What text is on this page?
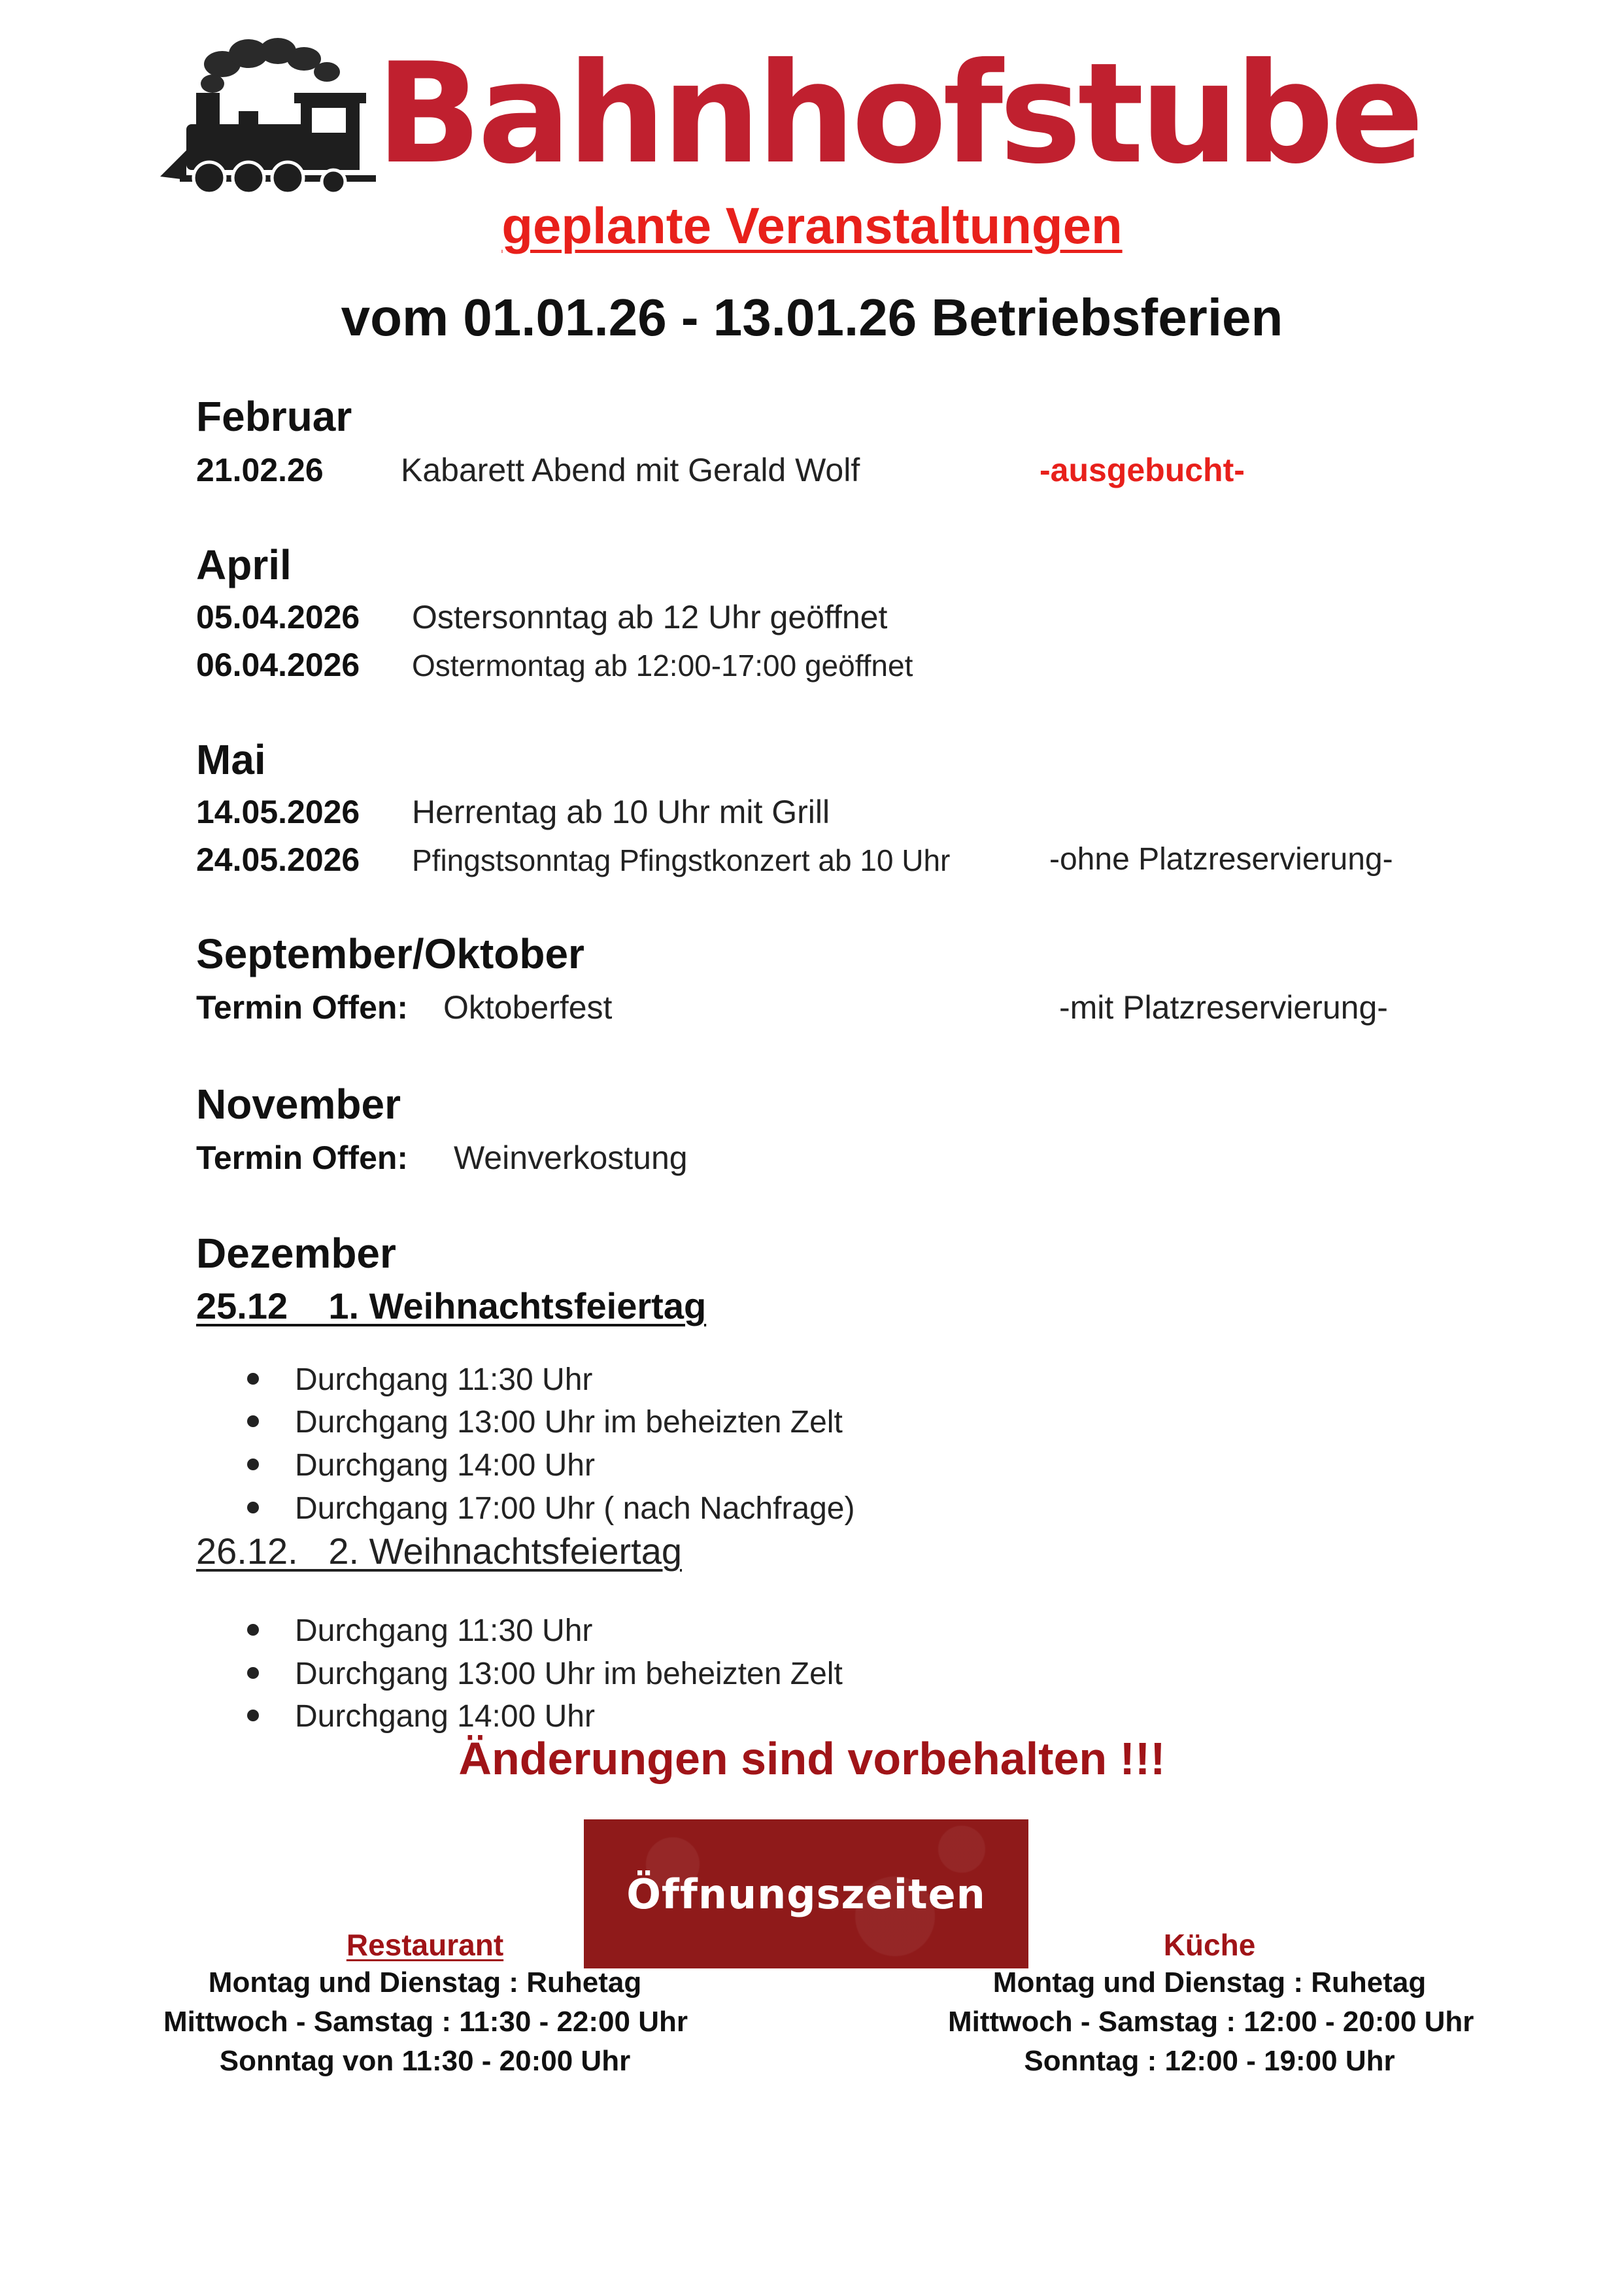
Bahnhofstube
geplante Veranstaltungen
vom 01.01.26 - 13.01.26 Betriebsferien
Februar
21.02.26 Kabarett Abend mit Gerald Wolf	-ausgebucht-
April
05.04.2026 Ostersonntag ab 12 Uhr geöffnet
06.04.2026 Ostermontag ab 12:00-17:00 geöffnet
Mai
14.05.2026 Herrentag ab 10 Uhr mit Grill
24.05.2026 Pfingstsonntag Pfingstkonzert ab 10 Uhr	-ohne Platzreservierung-
September/Oktober
Termin Offen: Oktoberfest	-mit Platzreservierung-
November
Termin Offen: Weinverkostung
Dezember
25.12    1. Weihnachtsfeiertag
Durchgang 11:30 Uhr
Durchgang 13:00 Uhr im beheizten Zelt
Durchgang 14:00 Uhr
Durchgang 17:00 Uhr ( nach Nachfrage)
26.12.   2. Weihnachtsfeiertag
Durchgang 11:30 Uhr
Durchgang 13:00 Uhr im beheizten Zelt
Durchgang 14:00 Uhr
Änderungen sind vorbehalten !!!
Öffnungszeiten
Restaurant
Montag und Dienstag : Ruhetag
Mittwoch - Samstag : 11:30 - 22:00 Uhr
Sonntag von 11:30 - 20:00 Uhr
Küche
Montag und Dienstag : Ruhetag
Mittwoch - Samstag : 12:00 - 20:00 Uhr
Sonntag : 12:00 - 19:00 Uhr
